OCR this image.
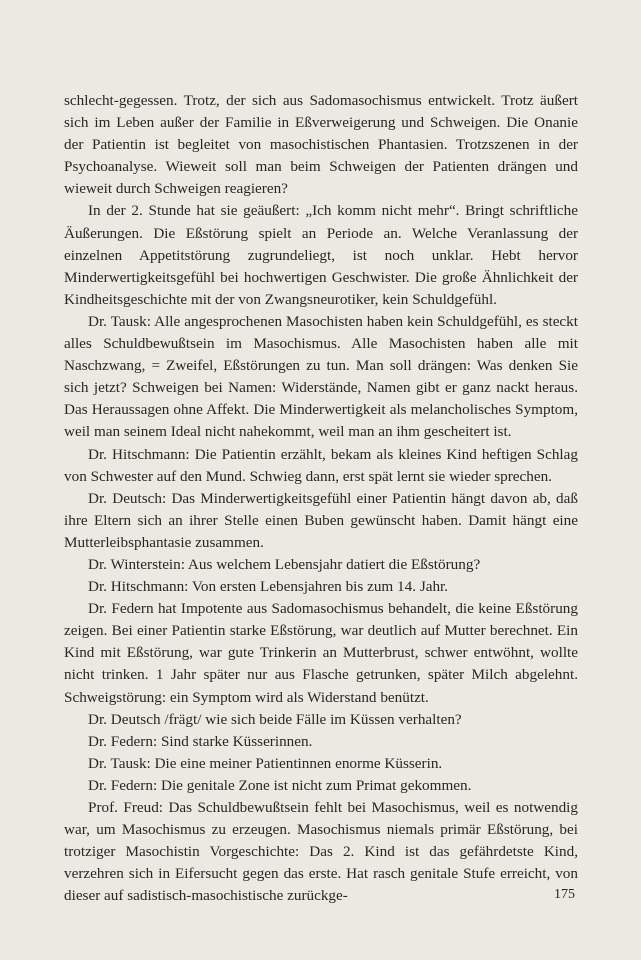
schlecht-gegessen. Trotz, der sich aus Sadomasochismus entwickelt. Trotz äußert sich im Leben außer der Familie in Eßverweigerung und Schweigen. Die Onanie der Patientin ist begleitet von masochistischen Phantasien. Trotzszenen in der Psychoanalyse. Wieweit soll man beim Schweigen der Patienten drängen und wieweit durch Schweigen reagieren?

In der 2. Stunde hat sie geäußert: „Ich komm nicht mehr“. Bringt schriftliche Äußerungen. Die Eßstörung spielt an Periode an. Welche Veranlassung der einzelnen Appetitstörung zugrundeliegt, ist noch unklar. Hebt hervor Minderwertigkeitsgefühl bei hochwertigen Geschwister. Die große Ähnlichkeit der Kindheitsgeschichte mit der von Zwangsneurotiker, kein Schuldgefühl.

Dr. Tausk: Alle angesprochenen Masochisten haben kein Schuldgefühl, es steckt alles Schuldbewußtsein im Masochismus. Alle Masochisten haben alle mit Naschzwang, = Zweifel, Eßstörungen zu tun. Man soll drängen: Was denken Sie sich jetzt? Schweigen bei Namen: Widerstände, Namen gibt er ganz nackt heraus. Das Heraussagen ohne Affekt. Die Minderwertigkeit als melancholisches Symptom, weil man seinem Ideal nicht nahekommt, weil man an ihm gescheitert ist.

Dr. Hitschmann: Die Patientin erzählt, bekam als kleines Kind heftigen Schlag von Schwester auf den Mund. Schwieg dann, erst spät lernt sie wieder sprechen.

Dr. Deutsch: Das Minderwertigkeitsgefühl einer Patientin hängt davon ab, daß ihre Eltern sich an ihrer Stelle einen Buben gewünscht haben. Damit hängt eine Mutterleibsphantasie zusammen.

Dr. Winterstein: Aus welchem Lebensjahr datiert die Eßstörung?

Dr. Hitschmann: Von ersten Lebensjahren bis zum 14. Jahr.

Dr. Federn hat Impotente aus Sadomasochismus behandelt, die keine Eßstörung zeigen. Bei einer Patientin starke Eßstörung, war deutlich auf Mutter berechnet. Ein Kind mit Eßstörung, war gute Trinkerin an Mutterbrust, schwer entwöhnt, wollte nicht trinken. 1 Jahr später nur aus Flasche getrunken, später Milch abgelehnt. Schweigstörung: ein Symptom wird als Widerstand benützt.

Dr. Deutsch /frägt/ wie sich beide Fälle im Küssen verhalten?

Dr. Federn: Sind starke Küsserinnen.

Dr. Tausk: Die eine meiner Patientinnen enorme Küsserin.

Dr. Federn: Die genitale Zone ist nicht zum Primat gekommen.

Prof. Freud: Das Schuldbewußtsein fehlt bei Masochismus, weil es notwendig war, um Masochismus zu erzeugen. Masochismus niemals primär Eßstörung, bei trotziger Masochistin Vorgeschichte: Das 2. Kind ist das gefährdetste Kind, verzehren sich in Eifersucht gegen das erste. Hat rasch genitale Stufe erreicht, von dieser auf sadistisch-masochistische zurückge-	175
